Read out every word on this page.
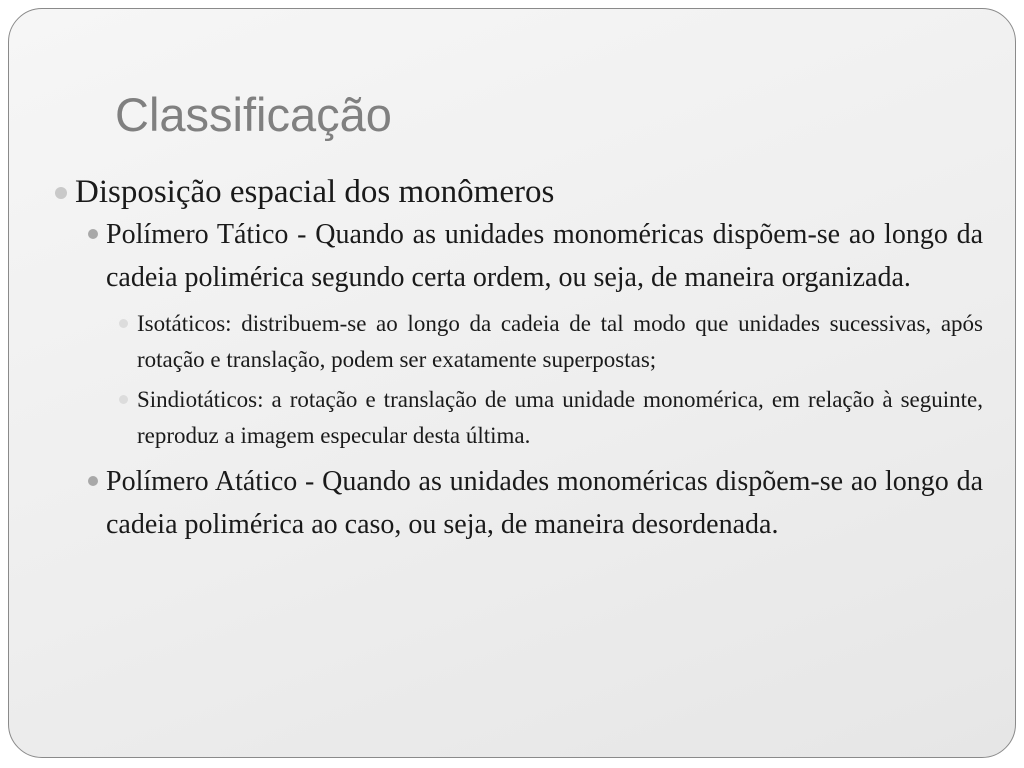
Classificação
Disposição espacial dos monômeros
Polímero Tático - Quando as unidades monoméricas dispõem-se ao longo da cadeia polimérica segundo certa ordem, ou seja, de maneira organizada.
Isotáticos: distribuem-se ao longo da cadeia de tal modo que unidades sucessivas, após rotação e translação, podem ser exatamente superpostas;
Sindiotáticos: a rotação e translação de uma unidade monomérica, em relação à seguinte, reproduz a imagem especular desta última.
Polímero Atático - Quando as unidades monoméricas dispõem-se ao longo da cadeia polimérica ao caso, ou seja, de maneira desordenada.
